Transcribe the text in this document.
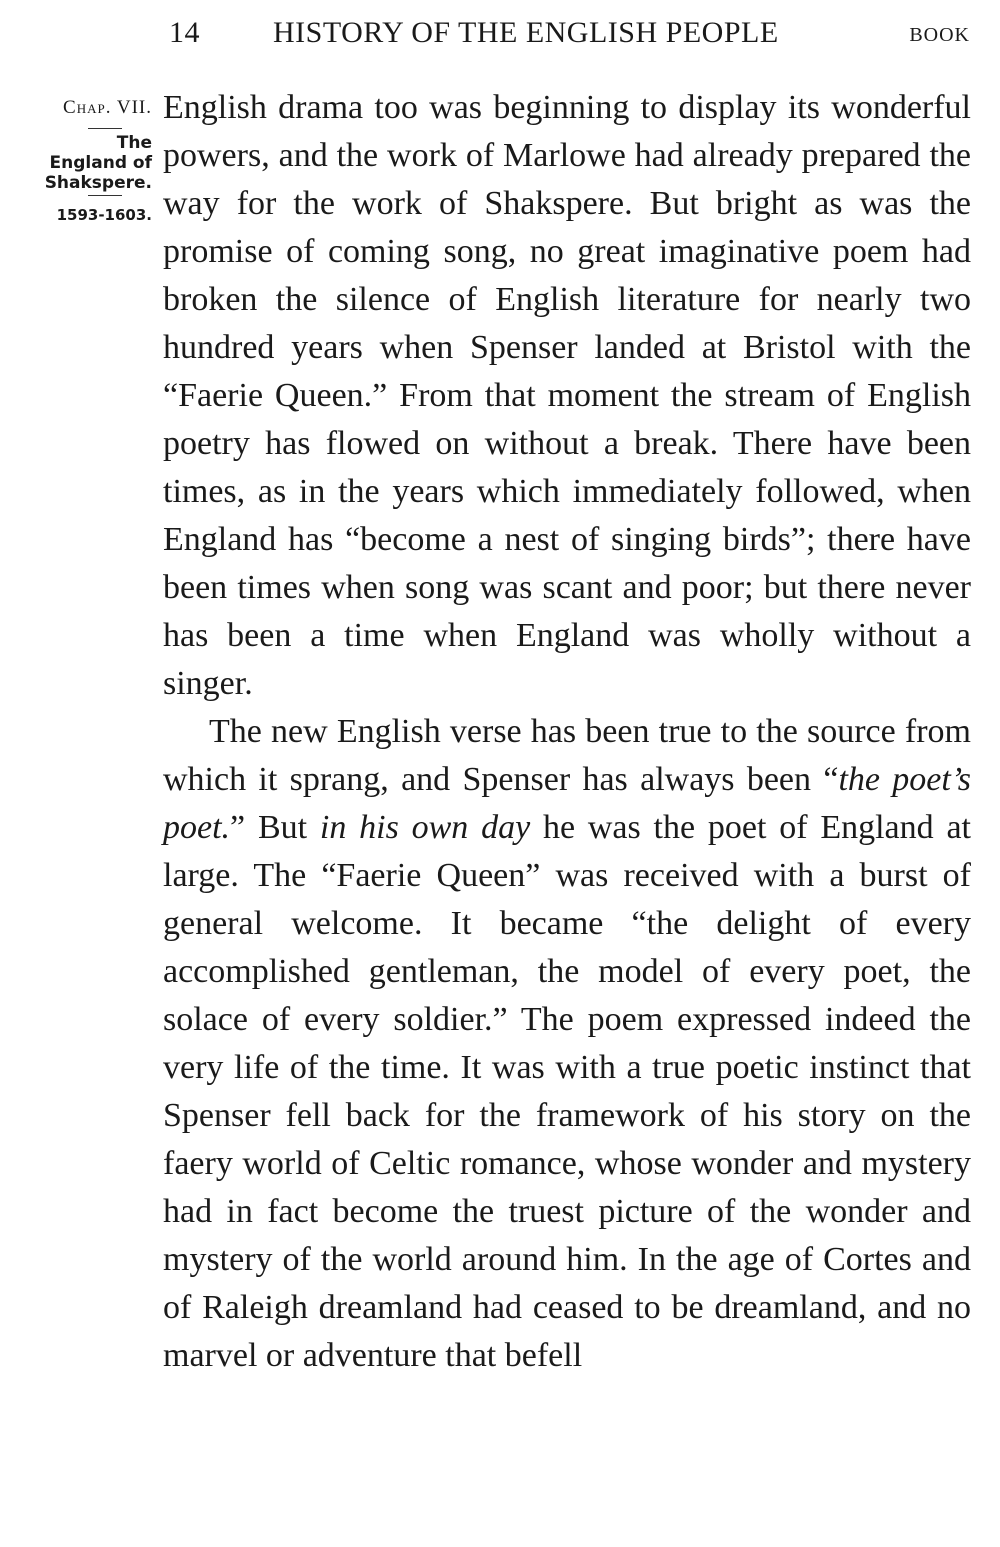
14 HISTORY OF THE ENGLISH PEOPLE	BOOK
Chap. VII.
The
England of
Shakspere.
1593-1603.

English drama too was beginning to display its wonderful powers, and the work of Marlowe had already prepared the way for the work of Shakspere. But bright as was the promise of coming song, no great imaginative poem had broken the silence of English literature for nearly two hundred years when Spenser landed at Bristol with the “Faerie Queen.” From that moment the stream of English poetry has flowed on without a break. There have been times, as in the years which immediately followed, when England has “become a nest of singing birds”; there have been times when song was scant and poor; but there never has been a time when England was wholly without a singer.

The new English verse has been true to the source from which it sprang, and Spenser has always been “the poet’s poet.” But in his own day he was the poet of England at large. The “Faerie Queen” was received with a burst of general welcome. It became “the delight of every accomplished gentleman, the model of every poet, the solace of every soldier.” The poem expressed indeed the very life of the time. It was with a true poetic instinct that Spenser fell back for the framework of his story on the faery world of Celtic romance, whose wonder and mystery had in fact become the truest picture of the wonder and mystery of the world around him. In the age of Cortes and of Raleigh dreamland had ceased to be dreamland, and no marvel or adventure that befell
